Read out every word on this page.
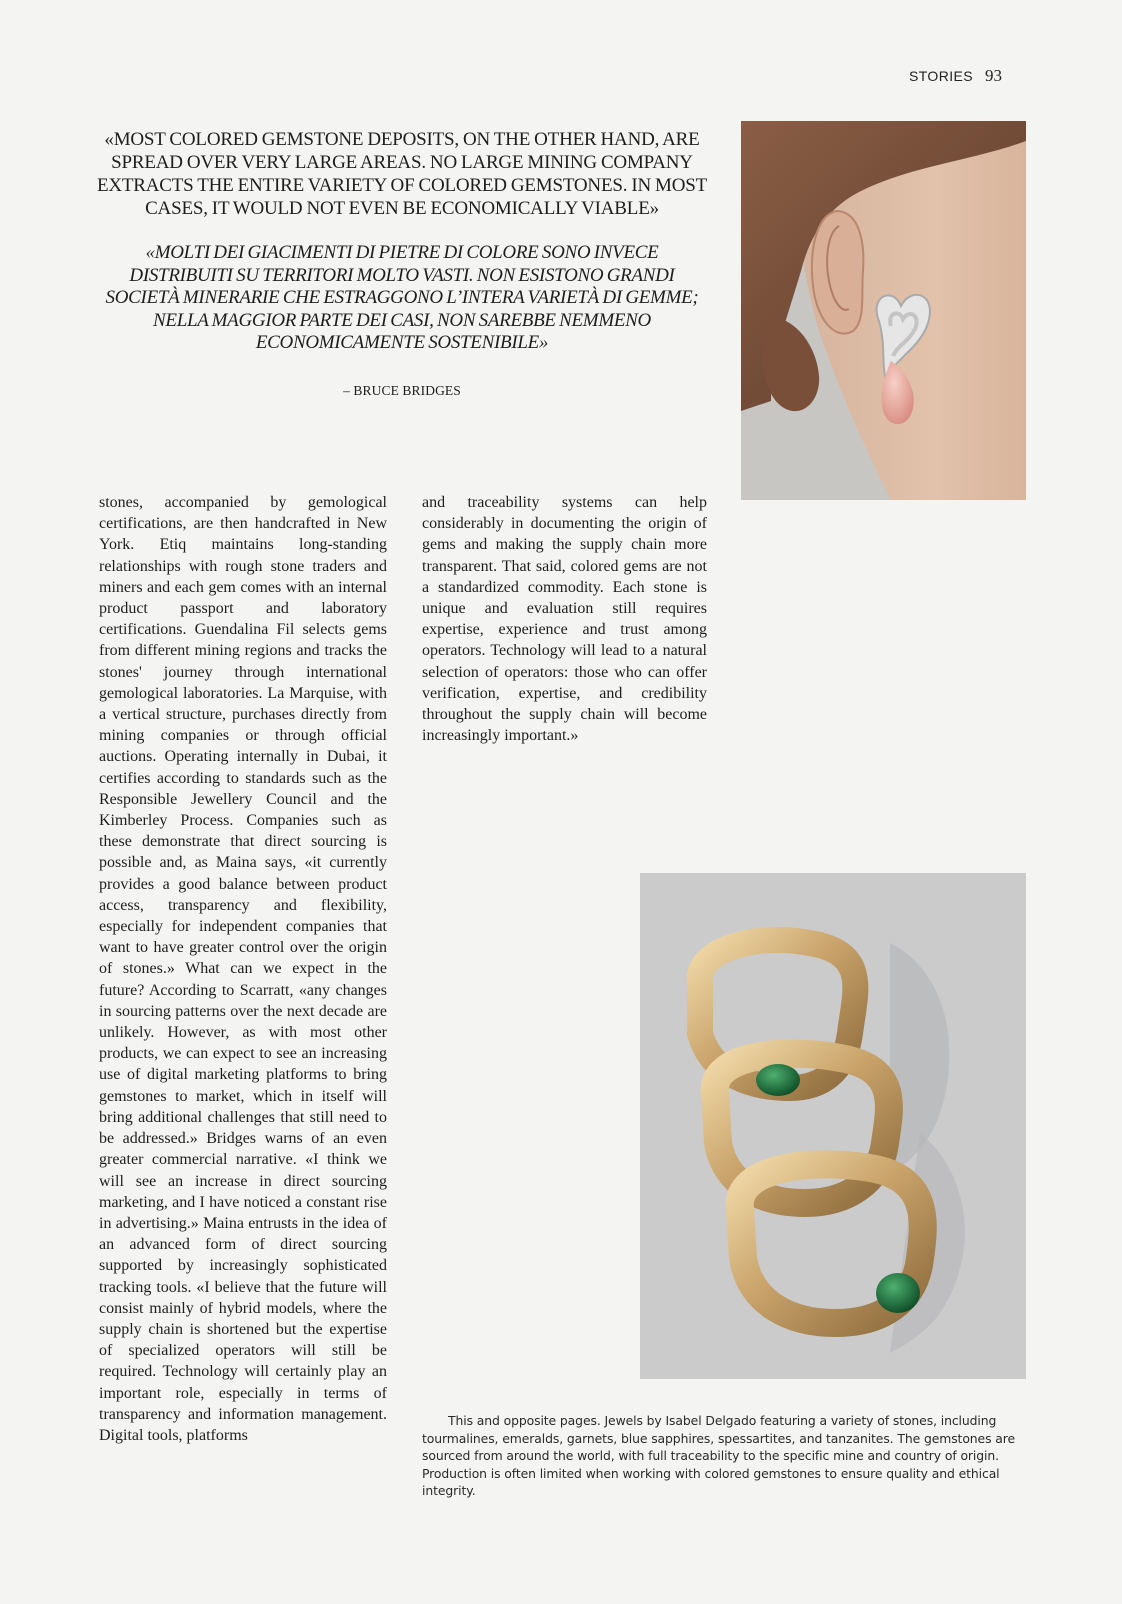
STORIES 93

«MOST COLORED GEMSTONE DEPOSITS, ON THE OTHER HAND, ARE SPREAD OVER VERY LARGE AREAS. NO LARGE MINING COMPANY EXTRACTS THE ENTIRE VARIETY OF COLORED GEMSTONES. IN MOST CASES, IT WOULD NOT EVEN BE ECONOMICALLY VIABLE»

«MOLTI DEI GIACIMENTI DI PIETRE DI COLORE SONO INVECE DISTRIBUITI SU TERRITORI MOLTO VASTI. NON ESISTONO GRANDI SOCIETÀ MINERARIE CHE ESTRAGGONO L’INTERA VARIETÀ DI GEMME; NELLA MAGGIOR PARTE DEI CASI, NON SAREBBE NEMMENO ECONOMICAMENTE SOSTENIBILE»

– BRUCE BRIDGES

stones, accompanied by gemological certifications, are then handcrafted in New York. Etiq maintains long-standing relationships with rough stone traders and miners and each gem comes with an internal product passport and laboratory certifications. Guendalina Fil selects gems from different mining regions and tracks the stones' journey through international gemological laboratories. La Marquise, with a vertical structure, purchases directly from mining companies or through official auctions. Operating internally in Dubai, it certifies according to standards such as the Responsible Jewellery Council and the Kimberley Process. Companies such as these demonstrate that direct sourcing is possible and, as Maina says, «it currently provides a good balance between product access, transparency and flexibility, especially for independent companies that want to have greater control over the origin of stones.» What can we expect in the future? According to Scarratt, «any changes in sourcing patterns over the next decade are unlikely. However, as with most other products, we can expect to see an increasing use of digital marketing platforms to bring gemstones to market, which in itself will bring additional challenges that still need to be addressed.» Bridges warns of an even greater commercial narrative. «I think we will see an increase in direct sourcing marketing, and I have noticed a constant rise in advertising.» Maina entrusts in the idea of an advanced form of direct sourcing supported by increasingly sophisticated tracking tools. «I believe that the future will consist mainly of hybrid models, where the supply chain is shortened but the expertise of specialized operators will still be required. Technology will certainly play an important role, especially in terms of transparency and information management. Digital tools, platforms

and traceability systems can help considerably in documenting the origin of gems and making the supply chain more transparent. That said, colored gems are not a standardized commodity. Each stone is unique and evaluation still requires expertise, experience and trust among operators. Technology will lead to a natural selection of operators: those who can offer verification, expertise, and credibility throughout the supply chain will become increasingly important.»

This and opposite pages. Jewels by Isabel Delgado featuring a variety of stones, including tourmalines, emeralds, garnets, blue sapphires, spessartites, and tanzanites. The gemstones are sourced from around the world, with full traceability to the specific mine and country of origin. Production is often limited when working with colored gemstones to ensure quality and ethical integrity.
